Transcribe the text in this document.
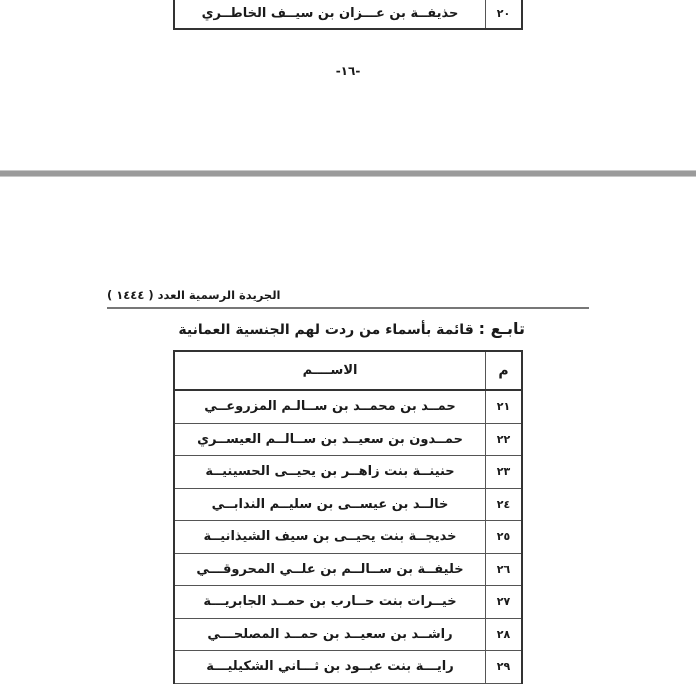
٢٠
حذيفــة بن عـــزان بن سيــف الخاطــري
-١٦-
الجريدة الرسمية العدد ( ١٤٤٤ )
تابـع : قائمة بأسماء من ردت لهم الجنسية العمانية
م
الاســــم
٢١
حمــد بن محمــد بن ســالـم المزروعــي
٢٢
حمــدون بن سعيــد بن ســالــم العيســري
٢٣
حنينــة بنت زاهــر بن يحيــى الحسينيــة
٢٤
خالــد بن عيســى بن سليــم الندابــي
٢٥
خديجــة بنت يحيــى بن سيف الشيذانيــة
٢٦
خليفــة بن ســالــم بن علــي المحروقـــي
٢٧
خيــرات بنت حــارب بن حمــد الجابريـــة
٢٨
راشــد بن سعيــد بن حمــد المصلحـــي
٢٩
رايـــة بنت عبــود بن ثـــاني الشكيليـــة
